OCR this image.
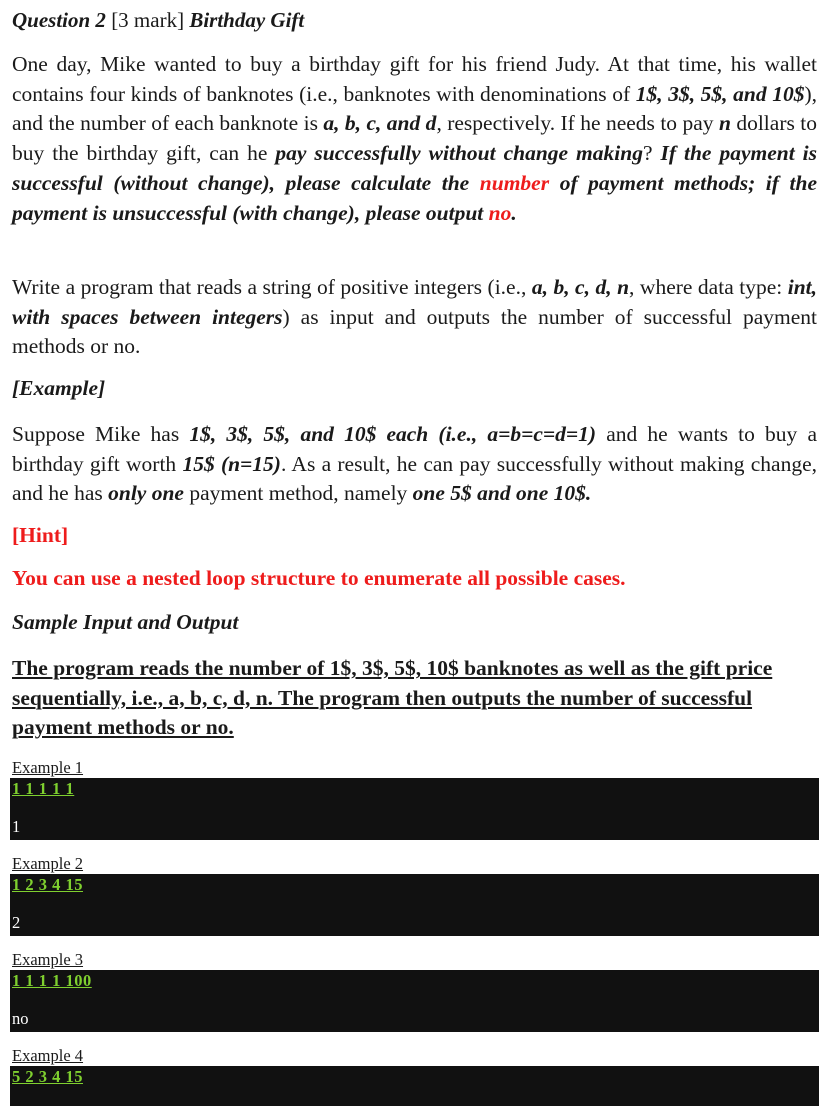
Question 2 [3 mark] Birthday Gift
One day, Mike wanted to buy a birthday gift for his friend Judy. At that time, his wallet contains four kinds of banknotes (i.e., banknotes with denominations of 1$, 3$, 5$, and 10$), and the number of each banknote is a, b, c, and d, respectively. If he needs to pay n dollars to buy the birthday gift, can he pay successfully without change making? If the payment is successful (without change), please calculate the number of payment methods; if the payment is unsuccessful (with change), please output no.
Write a program that reads a string of positive integers (i.e., a, b, c, d, n, where data type: int, with spaces between integers) as input and outputs the number of successful payment methods or no.
[Example]
Suppose Mike has 1$, 3$, 5$, and 10$ each (i.e., a=b=c=d=1) and he wants to buy a birthday gift worth 15$ (n=15). As a result, he can pay successfully without making change, and he has only one payment method, namely one 5$ and one 10$.
[Hint]
You can use a nested loop structure to enumerate all possible cases.
Sample Input and Output
The program reads the number of 1$, 3$, 5$, 10$ banknotes as well as the gift price sequentially, i.e., a, b, c, d, n. The program then outputs the number of successful payment methods or no.
Example 1
Example 2
Example 3
Example 4
1 1 1 1 1
1
1 2 3 4 15
2
1 1 1 1 100
no
5 2 3 4 15
